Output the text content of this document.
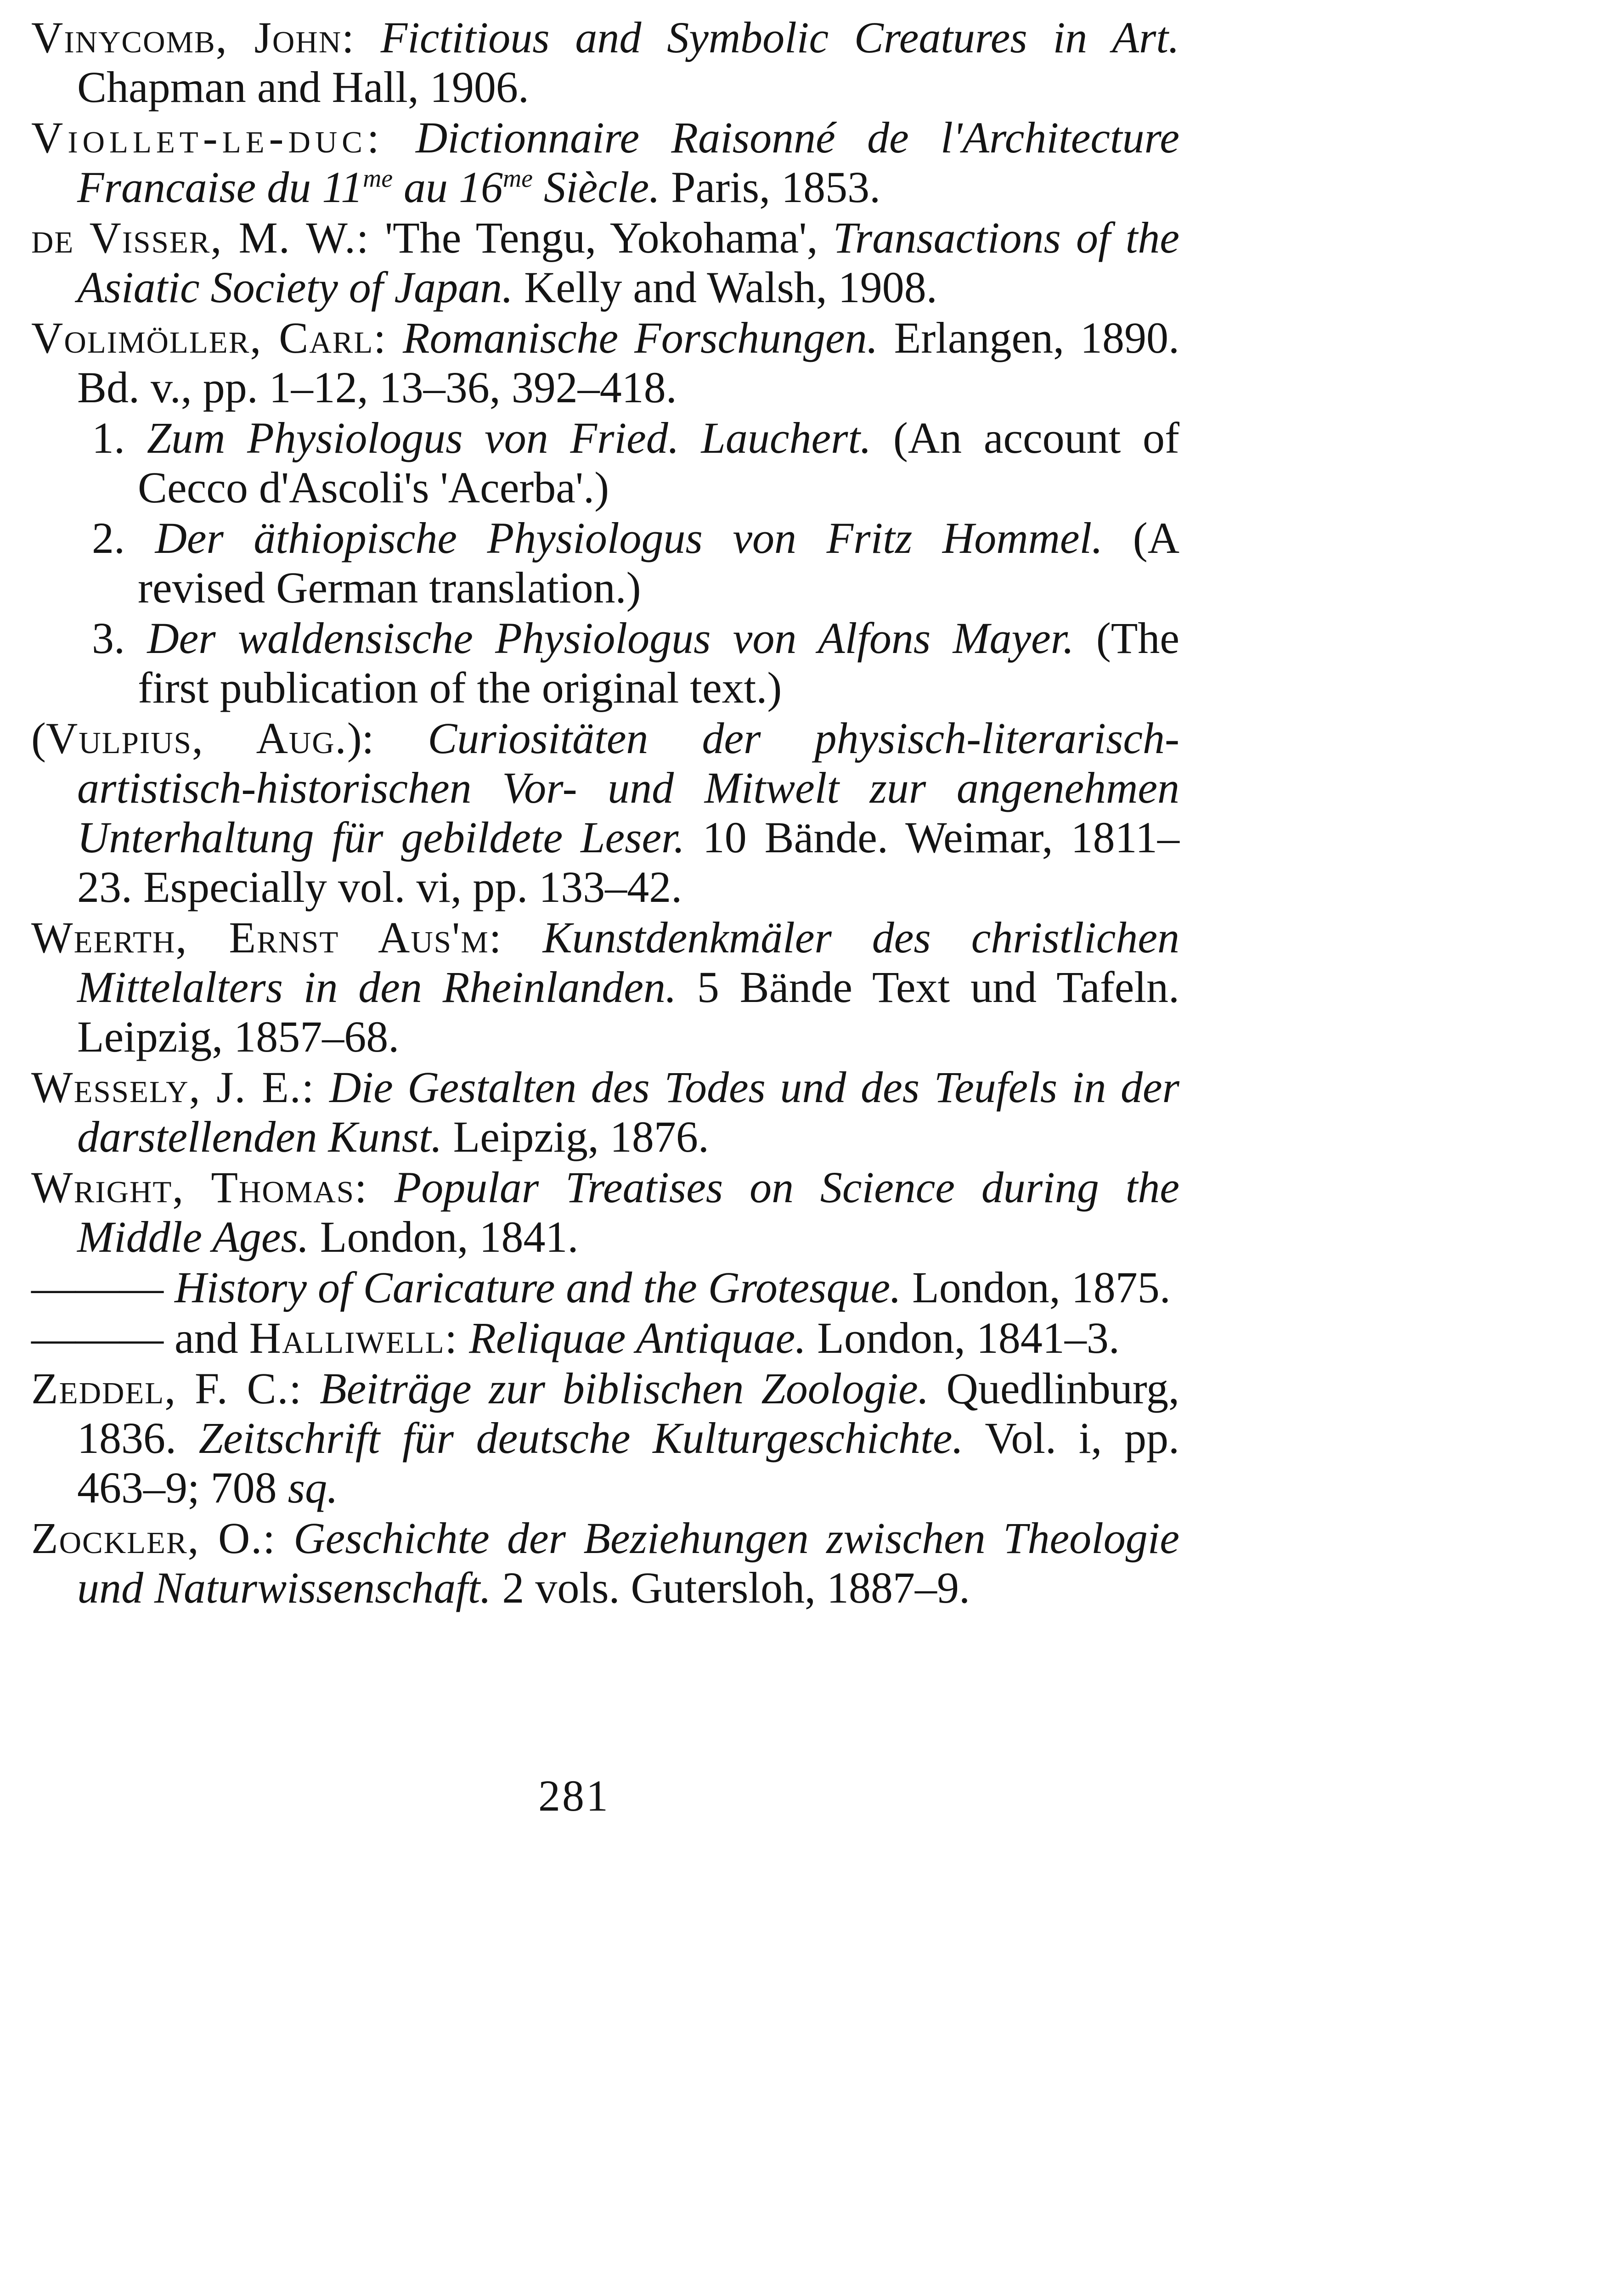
Vinycomb, John: Fictitious and Symbolic Creatures in Art. Chapman and Hall, 1906.

Viollet-le-duc: Dictionnaire Raisonné de l'Architecture Francaise du $11^{me}$ au $16^{me}$ Siècle. Paris, 1853.

de Visser, M. W.: 'The Tengu, Yokohama', Transactions of the Asiatic Society of Japan. Kelly and Walsh, 1908.

Volimöller, Carl: Romanische Forschungen. Erlangen, 1890. Bd. v., pp. 1–12, 13–36, 392–418.

1. Zum Physiologus von Fried. Lauchert. (An account of Cecco d'Ascoli's 'Acerba'.)

2. Der äthiopische Physiologus von Fritz Hommel. (A revised German translation.)

3. Der waldensische Physiologus von Alfons Mayer. (The first publication of the original text.)

(Vulpius, Aug.): Curiositäten der physisch-literarisch-artistisch-historischen Vor- und Mitwelt zur angenehmen Unterhaltung für gebildete Leser. 10 Bände. Weimar, 1811–23. Especially vol. vi, pp. 133–42.

Weerth, Ernst Aus'm: Kunstdenkmäler des christlichen Mittelalters in den Rheinlanden. 5 Bände Text und Tafeln. Leipzig, 1857–68.

Wessely, J. E.: Die Gestalten des Todes und des Teufels in der darstellenden Kunst. Leipzig, 1876.

Wright, Thomas: Popular Treatises on Science during the Middle Ages. London, 1841.

——— History of Caricature and the Grotesque. London, 1875.

——— and Halliwell: Reliquae Antiquae. London, 1841–3.

Zeddel, F. C.: Beiträge zur biblischen Zoologie. Quedlinburg, 1836. Zeitschrift für deutsche Kulturgeschichte. Vol. i, pp. 463–9; 708 sq.

Zockler, O.: Geschichte der Beziehungen zwischen Theologie und Naturwissenschaft. 2 vols. Gutersloh, 1887–9.

281
